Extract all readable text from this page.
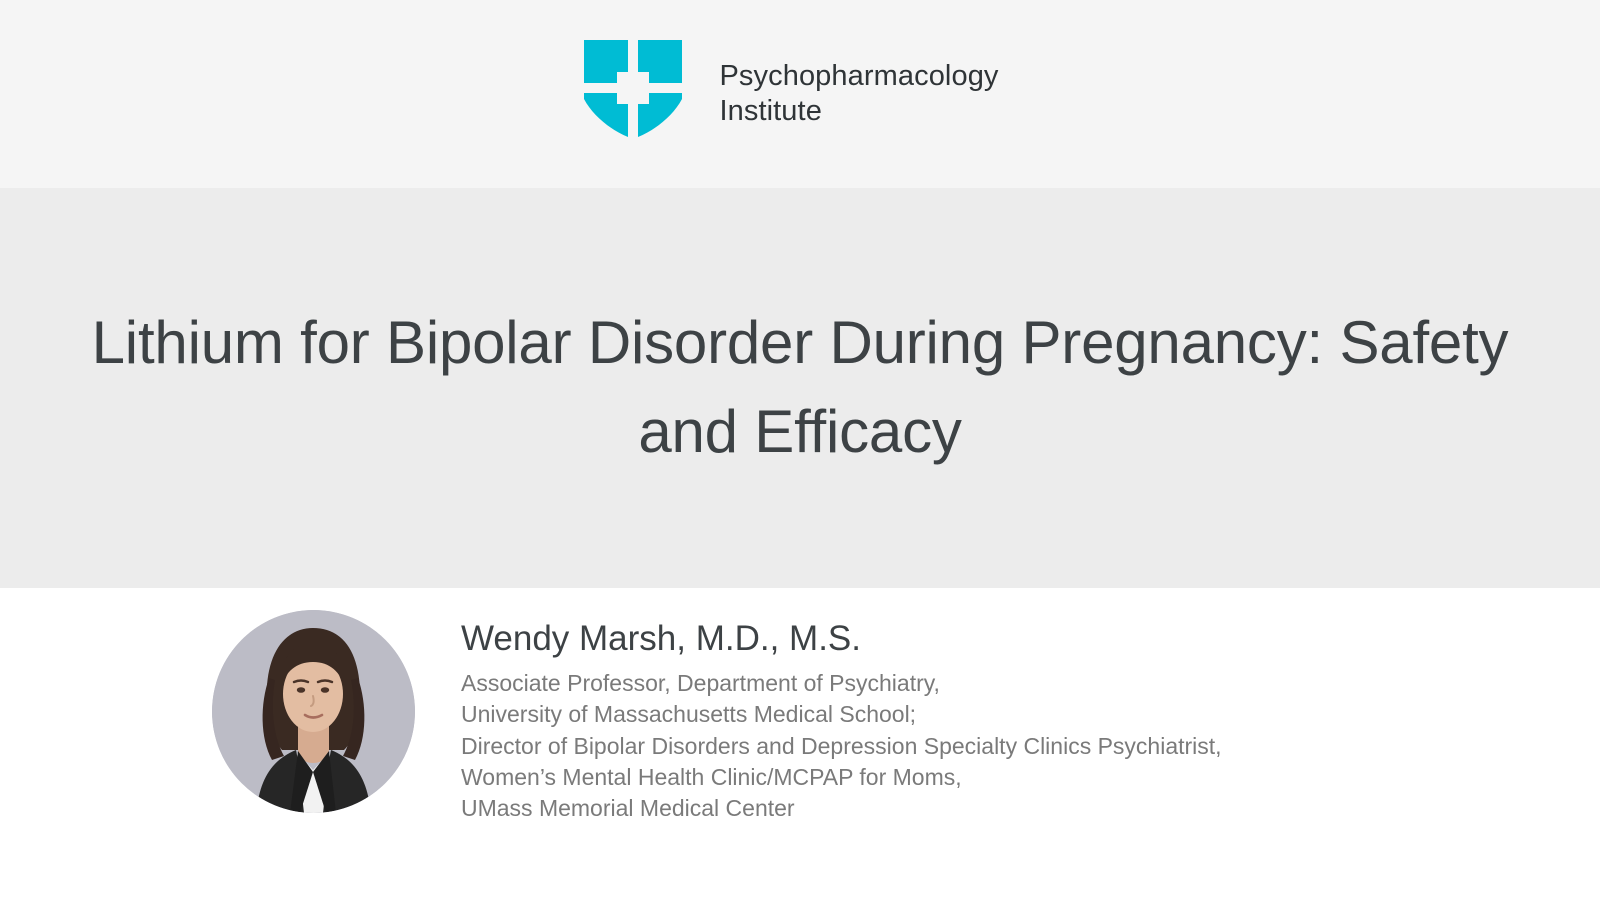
Psychopharmacology
Institute
Lithium for Bipolar Disorder During Pregnancy: Safety and Efficacy
Wendy Marsh, M.D., M.S.
Associate Professor, Department of Psychiatry,
University of Massachusetts Medical School;
Director of Bipolar Disorders and Depression Specialty Clinics Psychiatrist,
Women’s Mental Health Clinic/MCPAP for Moms,
UMass Memorial Medical Center
